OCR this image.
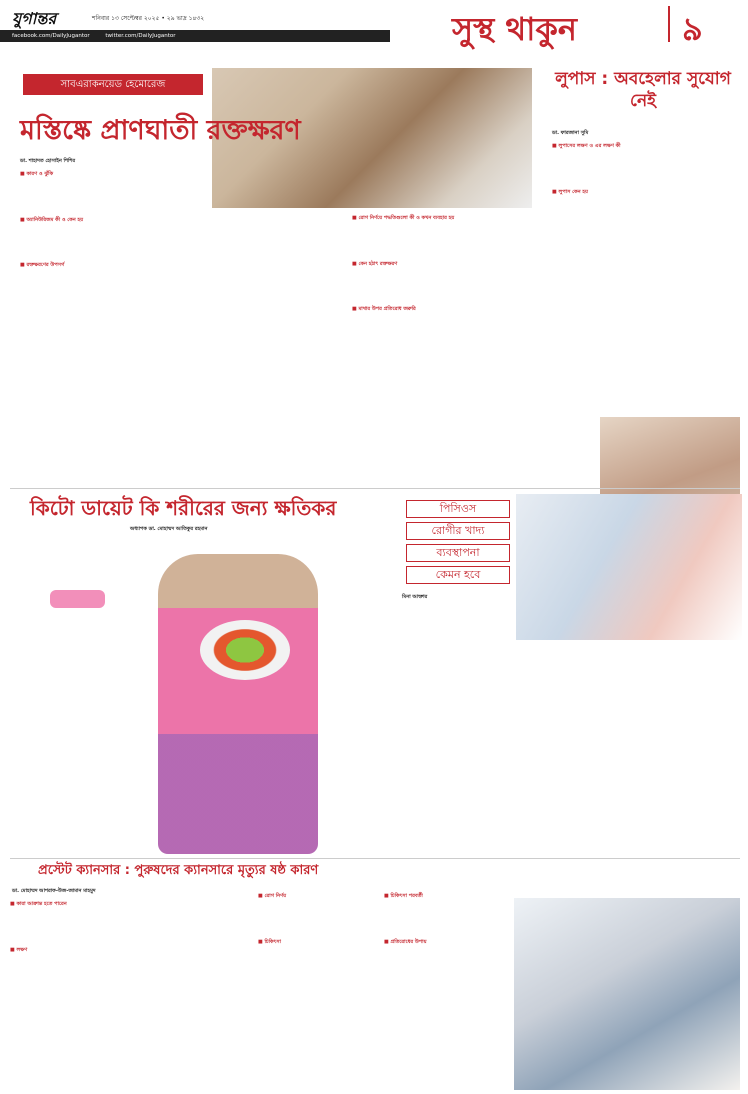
যুগান্তর	শনিবার ১৩ সেপ্টেম্বর ২০২৫ • ২৯ ভাদ্র ১৪৩২
facebook.com/DailyJugantor	twitter.com/DailyJugantor	সুস্থ থাকুন	৯
সাবএরাকনয়েড হেমোরেজ
মস্তিষ্কে প্রাণঘাতী রক্তক্ষরণ
ডা. শাহাদত হোসাইন শিশির
■ কারণ ও ঝুঁকি
■ অ্যানিউরিজম কী ও কেন হয়
■ রক্তক্ষরণের উপসর্গ
■ রোগ নির্ণয়ে পদ্ধতিগুলো কী ও কখন ব্যবহার হয়
■ কেন হঠাৎ রক্তক্ষরণ
■ মাথার উপর প্রতিরোধ জরুরি
লুপাস : অবহেলার সুযোগ নেই
ডা. ফারজানা সুমি
■ লুপাসের লক্ষণ ও এর লক্ষণ কী
■ লুপাস কেন হয়
কিটো ডায়েট কি শরীরের জন্য ক্ষতিকর
অধ্যাপক ডা. মোহাম্মদ আতিকুর রহমান
পিসিওস
রোগীর খাদ্য
ব্যবস্থাপনা
কেমন হবে
মিনা আক্তার
প্রস্টেট ক্যানসার : পুরুষদের ক্যানসারে মৃত্যুর ষষ্ঠ কারণ
ডা. মোহাম্মদ আশরাফ-উজ-জামান মাহমুদ
■ কারা আক্রান্ত হতে পারেন
■ লক্ষণ
■ রোগ নির্ণয়
■ চিকিৎসা
■ চিকিৎসা পরবর্তী
■ প্রতিরোধের উপায়
